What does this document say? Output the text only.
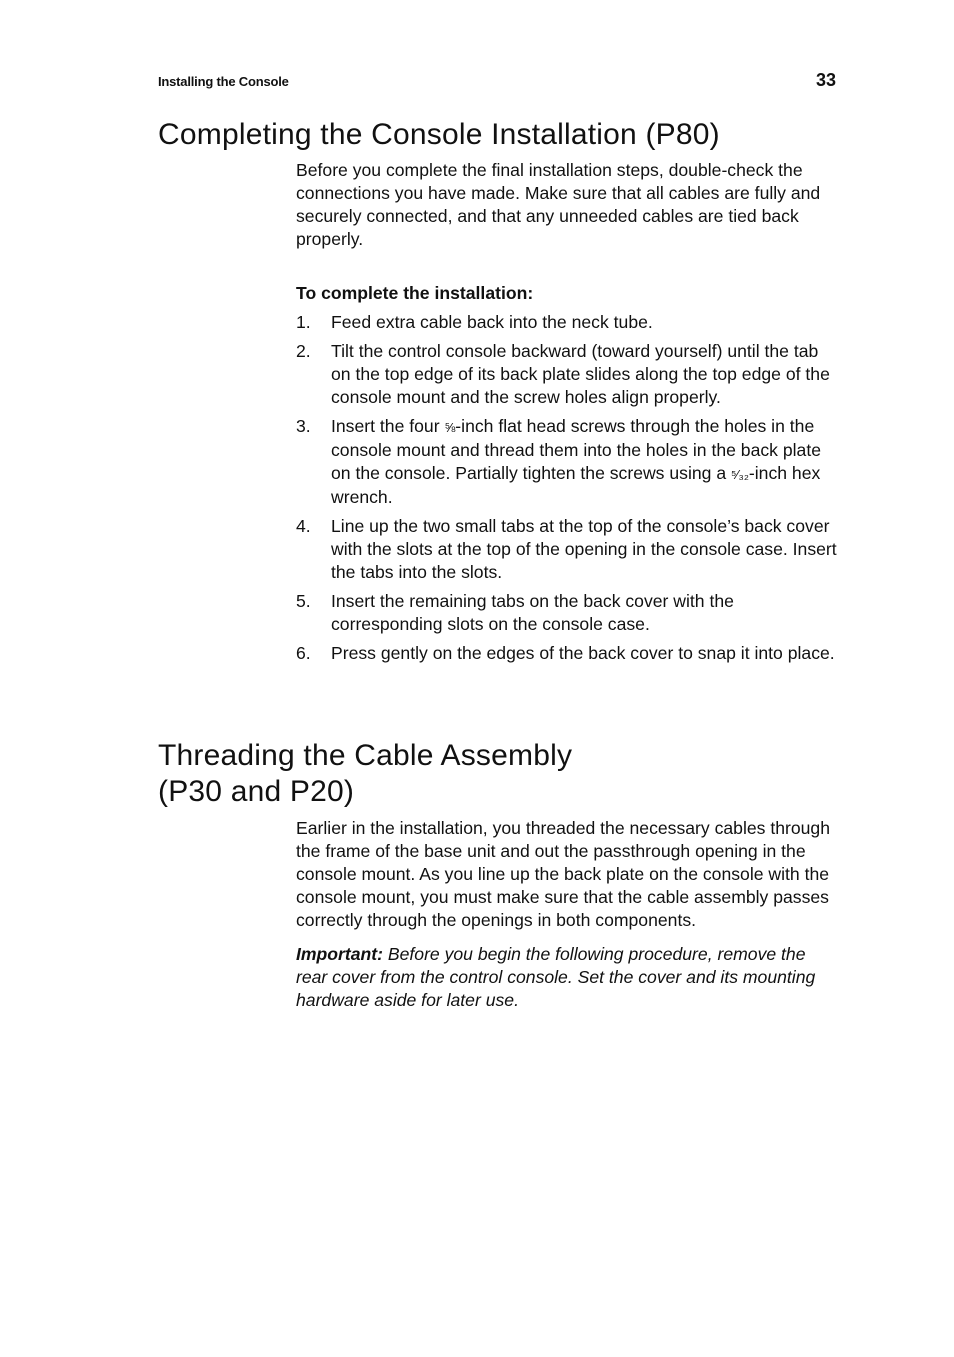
Installing the Console	33
Completing the Console Installation (P80)

Before you complete the final installation steps, double-check the connections you have made. Make sure that all cables are fully and securely connected, and that any unneeded cables are tied back properly.

To complete the installation:

1. Feed extra cable back into the neck tube.
2. Tilt the control console backward (toward yourself) until the tab on the top edge of its back plate slides along the top edge of the console mount and the screw holes align properly.
3. Insert the four ⅝-inch flat head screws through the holes in the console mount and thread them into the holes in the back plate on the console. Partially tighten the screws using a ⁵⁄₃₂-inch hex wrench.
4. Line up the two small tabs at the top of the console’s back cover with the slots at the top of the opening in the console case. Insert the tabs into the slots.
5. Insert the remaining tabs on the back cover with the corresponding slots on the console case.
6. Press gently on the edges of the back cover to snap it into place.
Threading the Cable Assembly
(P30 and P20)

Earlier in the installation, you threaded the necessary cables through the frame of the base unit and out the passthrough opening in the console mount. As you line up the back plate on the console with the console mount, you must make sure that the cable assembly passes correctly through the openings in both components.

Important: Before you begin the following procedure, remove the rear cover from the control console. Set the cover and its mounting hardware aside for later use.
